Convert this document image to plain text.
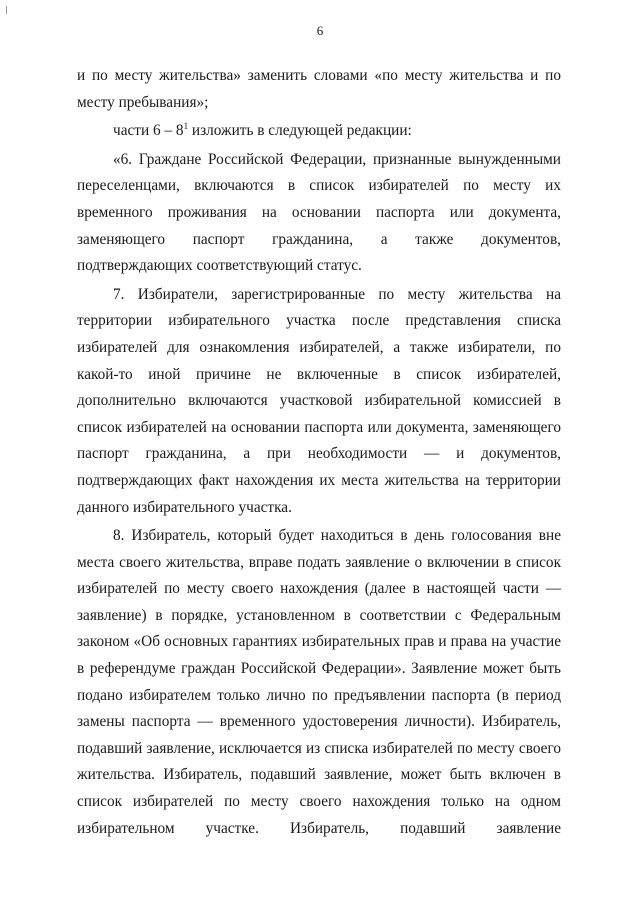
6

и по месту жительства» заменить словами «по месту жительства и по месту пребывания»;

части $6 - 8^1$ изложить в следующей редакции:

«6. Граждане Российской Федерации, признанные вынужденными переселенцами, включаются в список избирателей по месту их временного проживания на основании паспорта или документа, заменяющего паспорт гражданина, а также документов, подтверждающих соответствующий статус.

7. Избиратели, зарегистрированные по месту жительства на территории избирательного участка после представления списка избирателей для ознакомления избирателей, а также избиратели, по какой-то иной причине не включенные в список избирателей, дополнительно включаются участковой избирательной комиссией в список избирателей на основании паспорта или документа, заменяющего паспорт гражданина, а при необходимости — и документов, подтверждающих факт нахождения их места жительства на территории данного избирательного участка.

8. Избиратель, который будет находиться в день голосования вне места своего жительства, вправе подать заявление о включении в список избирателей по месту своего нахождения (далее в настоящей части — заявление) в порядке, установленном в соответствии с Федеральным законом «Об основных гарантиях избирательных прав и права на участие в референдуме граждан Российской Федерации». Заявление может быть подано избирателем только лично по предъявлении паспорта (в период замены паспорта — временного удостоверения личности). Избиратель, подавший заявление, исключается из списка избирателей по месту своего жительства. Избиратель, подавший заявление, может быть включен в список избирателей по месту своего нахождения только на одном избирательном участке. Избиратель, подавший заявление
